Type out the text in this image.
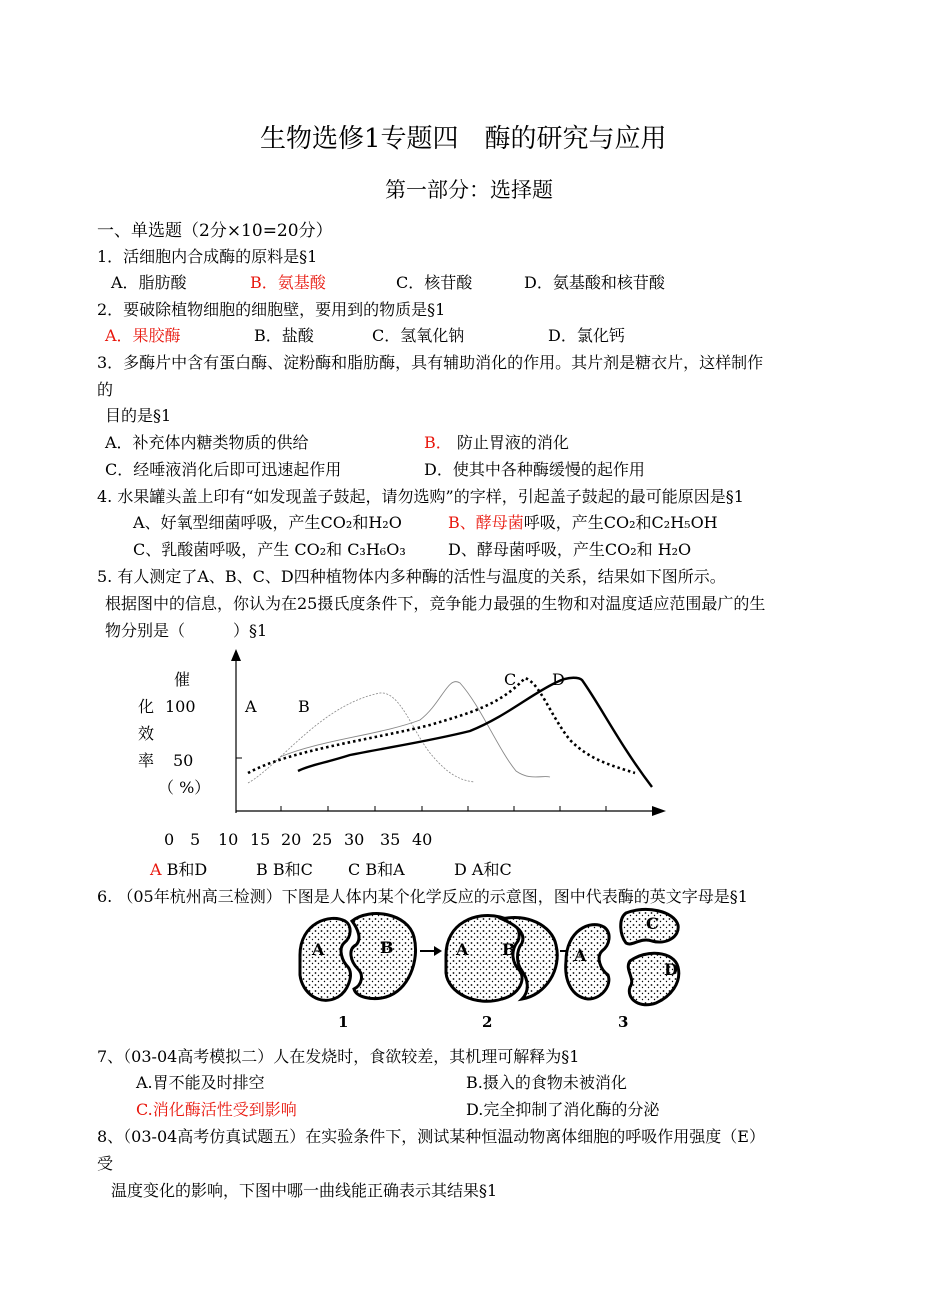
生物选修1专题四　酶的研究与应用
第一部分：选择题
一、单选题（2分×10=20分）
1．活细胞内合成酶的原料是§1
A．脂肪酸	B．氨基酸	C．核苷酸	D．氨基酸和核苷酸
2．要破除植物细胞的细胞壁，要用到的物质是§1
A．果胶酶	B．盐酸	C．氢氧化钠	D．氯化钙
3．多酶片中含有蛋白酶、淀粉酶和脂肪酶，具有辅助消化的作用。其片剂是糖衣片，这样制作
的
目的是§1
A．补充体内糖类物质的供给	B． 防止胃液的消化
C．经唾液消化后即可迅速起作用	D．使其中各种酶缓慢的起作用
4. 水果罐头盖上印有“如发现盖子鼓起，请勿选购”的字样，引起盖子鼓起的最可能原因是§1
A、好氧型细菌呼吸，产生CO₂和H₂O	B、酵母菌呼吸，产生CO₂和C₂H₅OH
C、乳酸菌呼吸，产生 CO₂和 C₃H₆O₃	D、酵母菌呼吸，产生CO₂和 H₂O
5. 有人测定了A、B、C、D四种植物体内多种酶的活性与温度的关系，结果如下图所示。
根据图中的信息，你认为在25摄氏度条件下，竞争能力最强的生物和对温度适应范围最广的生
物分别是（　　　）§1
催
化
效
率
（ %）
100
50
A	B
C D
0 5 10 15 20 25 30 35 40
A B和D	B B和C C B和A	D A和C
6. （05年杭州高三检测）下图是人体内某个化学反应的示意图，图中代表酶的英文字母是§1
A	B	A B	A
C
D
1	2	3
7、（03-04高考模拟二）人在发烧时，食欲较差，其机理可解释为§1
A.胃不能及时排空	B.摄入的食物未被消化
C.消化酶活性受到影响	D.完全抑制了消化酶的分泌
8、（03-04高考仿真试题五）在实验条件下，测试某种恒温动物离体细胞的呼吸作用强度（E）
受
温度变化的影响，下图中哪一曲线能正确表示其结果§1
